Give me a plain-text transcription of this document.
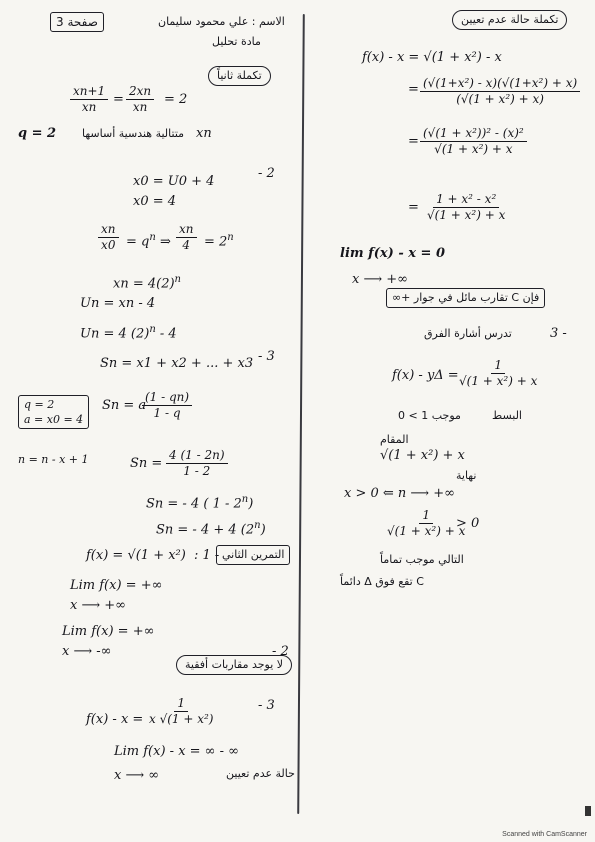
صفحة 3	الاسم : علي محمود سليمان
مادة تحليل
تكملة ثانياً
$\frac{xn+1}{xn} = \frac{2xn}{xn} = 2$
q = 2 متتالية هندسية أساسها xn
- 2
x0 = U0 + 4
x0 = 4
$\frac{xn}{x0} = q^n$ ⇒ $\frac{xn}{4} = 2^n$
xn = $4(2)^n$
Un = xn - 4
Un = 4 $(2)^n - 4$
- 3
Sn = x1 + x2 + ... + x3
q = 2
a = x0 = 4
Sn = a
$\frac{(1 - qn)}{1 - q}$
n = n - x + 1	$Sn = \frac{4 (1 - 2n)}{1 - 2}$
Sn = - 4 ( 1 - 2$^n$)
Sn = - 4 + 4 (2$^n$)
f(x) = √(1 + x²) : 1 - التمرين الثاني
Lim f(x) = +∞
x ⟶ +∞
Lim f(x) = +∞
x ⟶ -∞	- 2
لا يوجد مقاربات أفقية
- 3
$f(x) - x = \frac{1}{\text{x √(1 + x²)}}$
Lim f(x) - x = ∞ - ∞
x ⟶ ∞	حالة عدم تعيين
تكملة حالة عدم تعيين
f(x) - x = √(1 + x²) - x
= $\frac{\text{(√(1+x²) - x)(√(1+x²) + x)}}{\text{(√(1 + x²) + x)}}$
= $\frac{\text{(√(1 + x²))² - (x)²}}{\text{√(1 + x²) + x}}$
= $\frac{\text{1 + x² - x²}}{\text{√(1 + x²) + x}}$
lim f(x) - x = 0
x ⟶ +∞
فإن C تقارب مائل في جوار +∞
3 -
تدرس أشارة الفرق
f(x) - yΔ =
$\frac{1}{\text{√(1 + x²) + x}}$
البسط
موجب 1 > 0
المقام
√(1 + x²) + x
نهاية
x > 0 ⇐ n ⟶ +∞
$\frac{1}{\text{√(1 + x²) + x}}$
> 0
التالي موجب تماماً
C تقع فوق Δ دائماً
Scanned with CamScanner
